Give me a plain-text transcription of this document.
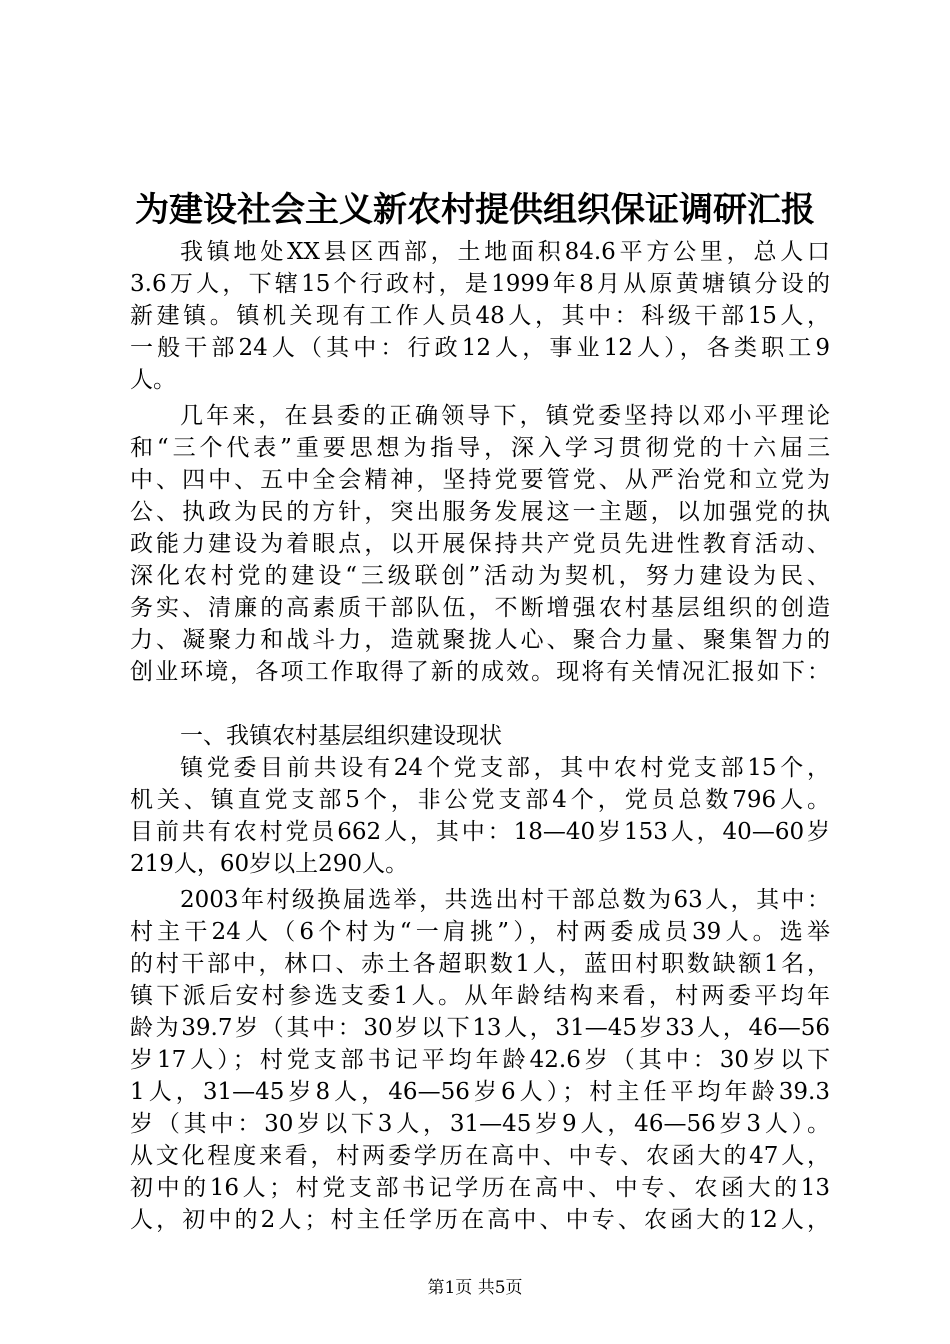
为建设社会主义新农村提供组织保证调研汇报
我镇地处XX县区西部，土地面积84.6平方公里，总人口
3.6万人，下辖15个行政村，是1999年8月从原黄塘镇分设的
新建镇。镇机关现有工作人员48人，其中：科级干部15人，
一般干部24人（其中：行政12人，事业12人），各类职工9
人。
几年来，在县委的正确领导下，镇党委坚持以邓小平理论
和“三个代表”重要思想为指导，深入学习贯彻党的十六届三
中、四中、五中全会精神，坚持党要管党、从严治党和立党为
公、执政为民的方针，突出服务发展这一主题，以加强党的执
政能力建设为着眼点，以开展保持共产党员先进性教育活动、
深化农村党的建设“三级联创”活动为契机，努力建设为民、
务实、清廉的高素质干部队伍，不断增强农村基层组织的创造
力、凝聚力和战斗力，造就聚拢人心、聚合力量、聚集智力的
创业环境，各项工作取得了新的成效。现将有关情况汇报如下：
一、我镇农村基层组织建设现状
镇党委目前共设有24个党支部，其中农村党支部15个，
机关、镇直党支部5个，非公党支部4个，党员总数796人。
目前共有农村党员662人，其中：18—40岁153人，40—60岁
219人，60岁以上290人。
2003年村级换届选举，共选出村干部总数为63人，其中：
村主干24人（6个村为“一肩挑”），村两委成员39人。选举
的村干部中，林口、赤土各超职数1人，蓝田村职数缺额1名，
镇下派后安村参选支委1人。从年龄结构来看，村两委平均年
龄为39.7岁（其中：30岁以下13人，31—45岁33人，46—56
岁17人）；村党支部书记平均年龄42.6岁（其中：30岁以下
1人，31—45岁8人，46—56岁6人）；村主任平均年龄39.3
岁（其中：30岁以下3人，31—45岁9人，46—56岁3人）。
从文化程度来看，村两委学历在高中、中专、农函大的47人，
初中的16人；村党支部书记学历在高中、中专、农函大的13
人，初中的2人；村主任学历在高中、中专、农函大的12人，
第1页 共5页
